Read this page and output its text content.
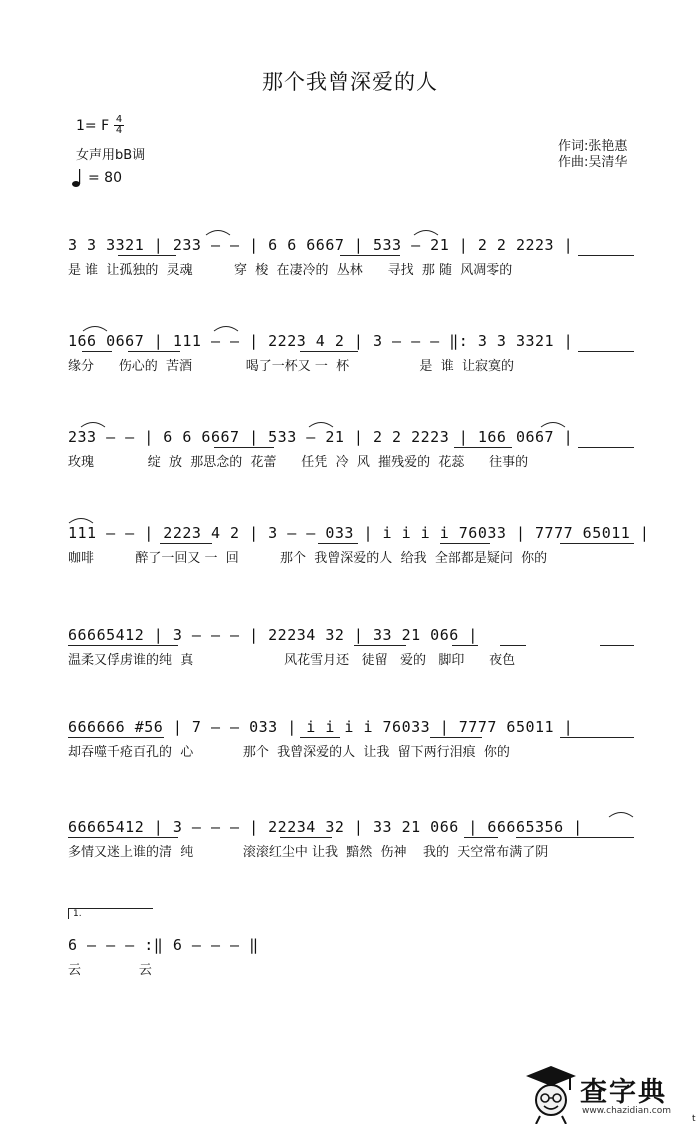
那个我曾深爱的人
1= F 4
4
女声用bB调
= 80
作词:张艳惠
作曲:吴清华
3 3 3321 | 233 – – | 6 6 6667 | 533 – 21 | 2 2 2223 |
是 谁  让孤独的  灵魂          穿  梭  在凄冷的  丛林      寻找  那 随  风凋零的
166 0667 | 111 – – | 2223 4 2 | 3 – – – ‖: 3 3 3321 |
缘分      伤心的  苦酒             喝了一杯又 一  杯                 是  谁  让寂寞的
233 – – | 6 6 6667 | 533 – 21 | 2 2 2223 | 166 0667 |
玫瑰             绽  放  那思念的  花蕾      任凭  冷  风  摧残爱的  花蕊      往事的
111 – – | 2223 4 2 | 3 – – 033 | i i i i 76033 | 7777 65011 |
咖啡          醉了一回又 一  回          那个  我曾深爱的人  给我  全部都是疑问  你的
66665412 | 3 – – – | 22234 32 | 33 21 066 |
温柔又俘虏谁的纯  真                      风花雪月还   徒留   爱的   脚印      夜色
666666 #56 | 7 – – 033 | i i i i 76033 | 7777 65011 |
却吞噬千疮百孔的  心            那个  我曾深爱的人  让我  留下两行泪痕  你的
66665412 | 3 – – – | 22234 32 | 33 21 066 | 66665356 |
多情又迷上谁的清  纯            滚滚红尘中 让我  黯然  伤神    我的  天空常布满了阴
1.
6 – – – :‖ 6 – – – ‖
云              云
查字典
www.chazidian.com
t
